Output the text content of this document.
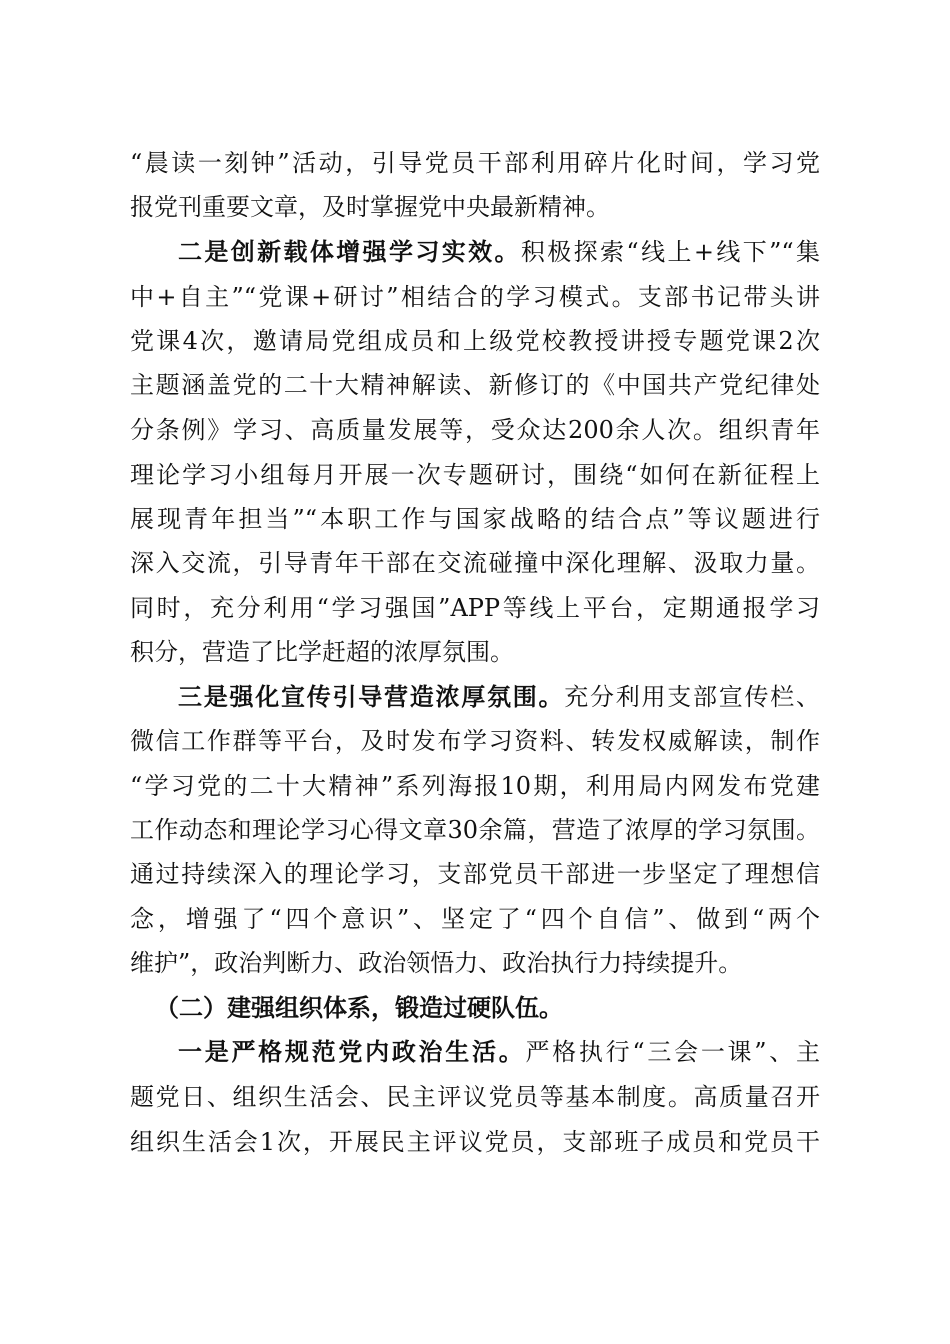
“晨读一刻钟”活动，引导党员干部利用碎片化时间，学习党
报党刊重要文章，及时掌握党中央最新精神。
二是创新载体增强学习实效。积极探索“线上+线下”“集
中+自主”“党课+研讨”相结合的学习模式。支部书记带头讲
党课4次，邀请局党组成员和上级党校教授讲授专题党课2次
主题涵盖党的二十大精神解读、新修订的《中国共产党纪律处
分条例》学习、高质量发展等，受众达200余人次。组织青年
理论学习小组每月开展一次专题研讨，围绕“如何在新征程上
展现青年担当”“本职工作与国家战略的结合点”等议题进行
深入交流，引导青年干部在交流碰撞中深化理解、汲取力量。
同时，充分利用“学习强国”APP等线上平台，定期通报学习
积分，营造了比学赶超的浓厚氛围。
三是强化宣传引导营造浓厚氛围。充分利用支部宣传栏、
微信工作群等平台，及时发布学习资料、转发权威解读，制作
“学习党的二十大精神”系列海报10期，利用局内网发布党建
工作动态和理论学习心得文章30余篇，营造了浓厚的学习氛围。
通过持续深入的理论学习，支部党员干部进一步坚定了理想信
念，增强了“四个意识”、坚定了“四个自信”、做到“两个
维护”，政治判断力、政治领悟力、政治执行力持续提升。
（二）建强组织体系，锻造过硬队伍。
一是严格规范党内政治生活。严格执行“三会一课”、主
题党日、组织生活会、民主评议党员等基本制度。高质量召开
组织生活会1次，开展民主评议党员，支部班子成员和党员干
